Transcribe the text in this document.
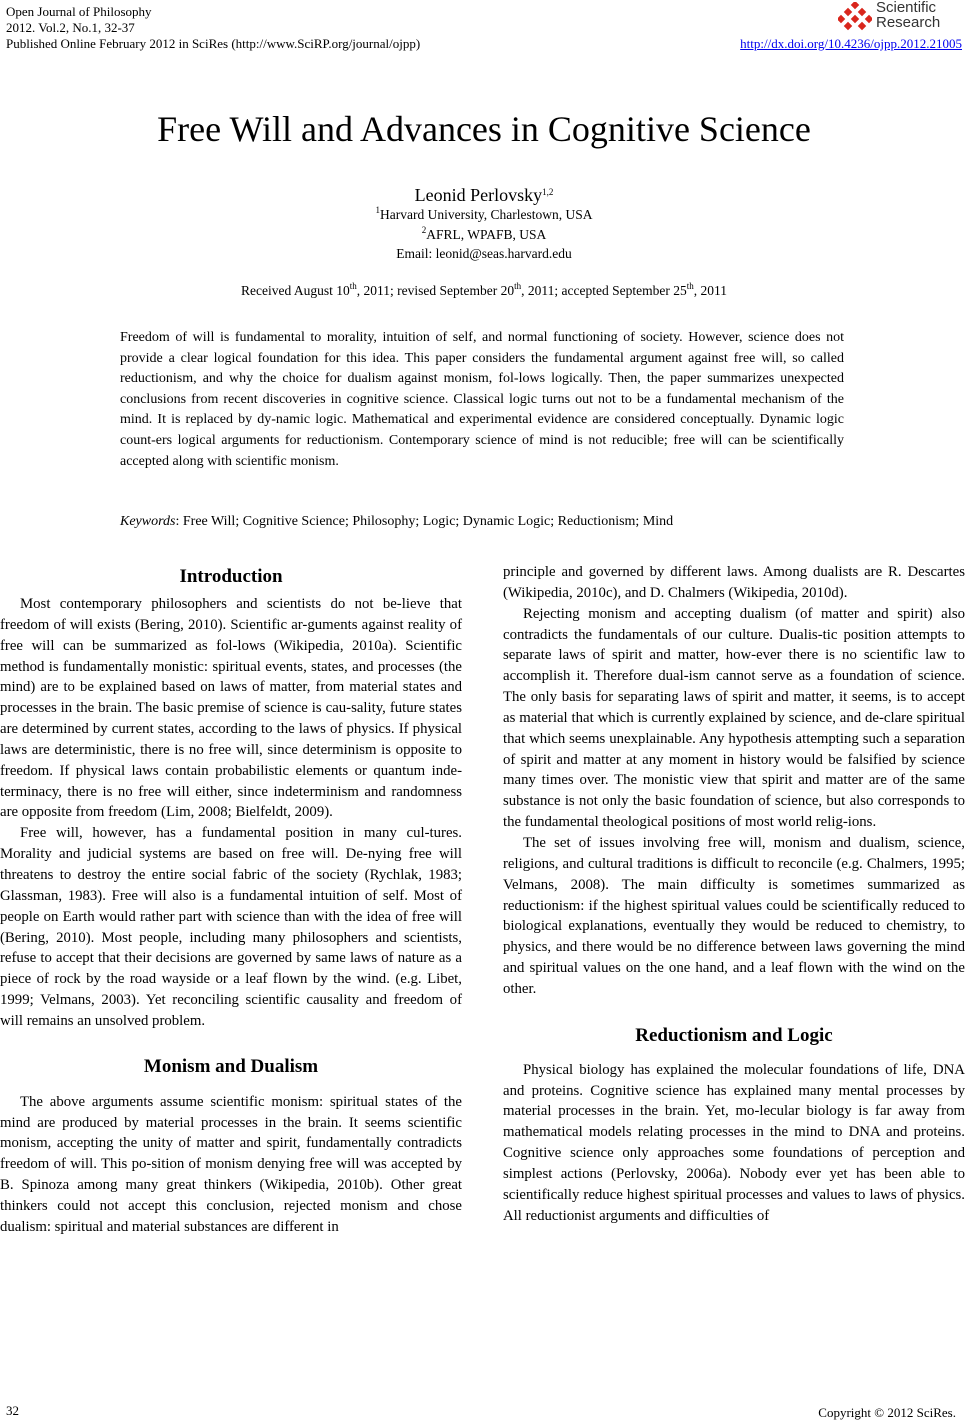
Open Journal of Philosophy
2012. Vol.2, No.1, 32-37
Published Online February 2012 in SciRes (http://www.SciRP.org/journal/ojpp)	http://dx.doi.org/10.4236/ojpp.2012.21005
Scientific
Research
Free Will and Advances in Cognitive Science
Leonid Perlovsky$^{1,2}$
$^1$Harvard University, Charlestown, USA
$^2$AFRL, WPAFB, USA
Email: leonid@seas.harvard.edu
Received August 10th, 2011; revised September 20th, 2011; accepted September 25th, 2011
Freedom of will is fundamental to morality, intuition of self, and normal functioning of society. However, science does not provide a clear logical foundation for this idea. This paper considers the fundamental argument against free will, so called reductionism, and why the choice for dualism against monism, fol-lows logically. Then, the paper summarizes unexpected conclusions from recent discoveries in cognitive science. Classical logic turns out not to be a fundamental mechanism of the mind. It is replaced by dy-namic logic. Mathematical and experimental evidence are considered conceptually. Dynamic logic count-ers logical arguments for reductionism. Contemporary science of mind is not reducible; free will can be scientifically accepted along with scientific monism.
Keywords: Free Will; Cognitive Science; Philosophy; Logic; Dynamic Logic; Reductionism; Mind
Introduction

Most contemporary philosophers and scientists do not be-lieve that freedom of will exists (Bering, 2010). Scientific ar-guments against reality of free will can be summarized as fol-lows (Wikipedia, 2010a). Scientific method is fundamentally monistic: spiritual events, states, and processes (the mind) are to be explained based on laws of matter, from material states and processes in the brain. The basic premise of science is cau-sality, future states are determined by current states, according to the laws of physics. If physical laws are deterministic, there is no free will, since determinism is opposite to freedom. If physical laws contain probabilistic elements or quantum inde-terminacy, there is no free will either, since indeterminism and randomness are opposite from freedom (Lim, 2008; Bielfeldt, 2009).

Free will, however, has a fundamental position in many cul-tures. Morality and judicial systems are based on free will. De-nying free will threatens to destroy the entire social fabric of the society (Rychlak, 1983; Glassman, 1983). Free will also is a fundamental intuition of self. Most of people on Earth would rather part with science than with the idea of free will (Bering, 2010). Most people, including many philosophers and scientists, refuse to accept that their decisions are governed by same laws of nature as a piece of rock by the road wayside or a leaf flown by the wind. (e.g. Libet, 1999; Velmans, 2003). Yet reconciling scientific causality and freedom of will remains an unsolved problem.

Monism and Dualism

The above arguments assume scientific monism: spiritual states of the mind are produced by material processes in the brain. It seems scientific monism, accepting the unity of matter and spirit, fundamentally contradicts freedom of will. This po-sition of monism denying free will was accepted by B. Spinoza among many great thinkers (Wikipedia, 2010b). Other great thinkers could not accept this conclusion, rejected monism and chose dualism: spiritual and material substances are different in

principle and governed by different laws. Among dualists are R. Descartes (Wikipedia, 2010c), and D. Chalmers (Wikipedia, 2010d).

Rejecting monism and accepting dualism (of matter and spirit) also contradicts the fundamentals of our culture. Dualis-tic position attempts to separate laws of spirit and matter, how-ever there is no scientific law to accomplish it. Therefore dual-ism cannot serve as a foundation of science. The only basis for separating laws of spirit and matter, it seems, is to accept as material that which is currently explained by science, and de-clare spiritual that which seems unexplainable. Any hypothesis attempting such a separation of spirit and matter at any moment in history would be falsified by science many times over. The monistic view that spirit and matter are of the same substance is not only the basic foundation of science, but also corresponds to the fundamental theological positions of most world relig-ions.

The set of issues involving free will, monism and dualism, science, religions, and cultural traditions is difficult to reconcile (e.g. Chalmers, 1995; Velmans, 2008). The main difficulty is sometimes summarized as reductionism: if the highest spiritual values could be scientifically reduced to biological explanations, eventually they would be reduced to chemistry, to physics, and there would be no difference between laws governing the mind and spiritual values on the one hand, and a leaf flown with the wind on the other.

Reductionism and Logic

Physical biology has explained the molecular foundations of life, DNA and proteins. Cognitive science has explained many mental processes by material processes in the brain. Yet, mo-lecular biology is far away from mathematical models relating processes in the mind to DNA and proteins. Cognitive science only approaches some foundations of perception and simplest actions (Perlovsky, 2006a). Nobody ever yet has been able to scientifically reduce highest spiritual processes and values to laws of physics. All reductionist arguments and difficulties of

32	Copyright © 2012 SciRes.
